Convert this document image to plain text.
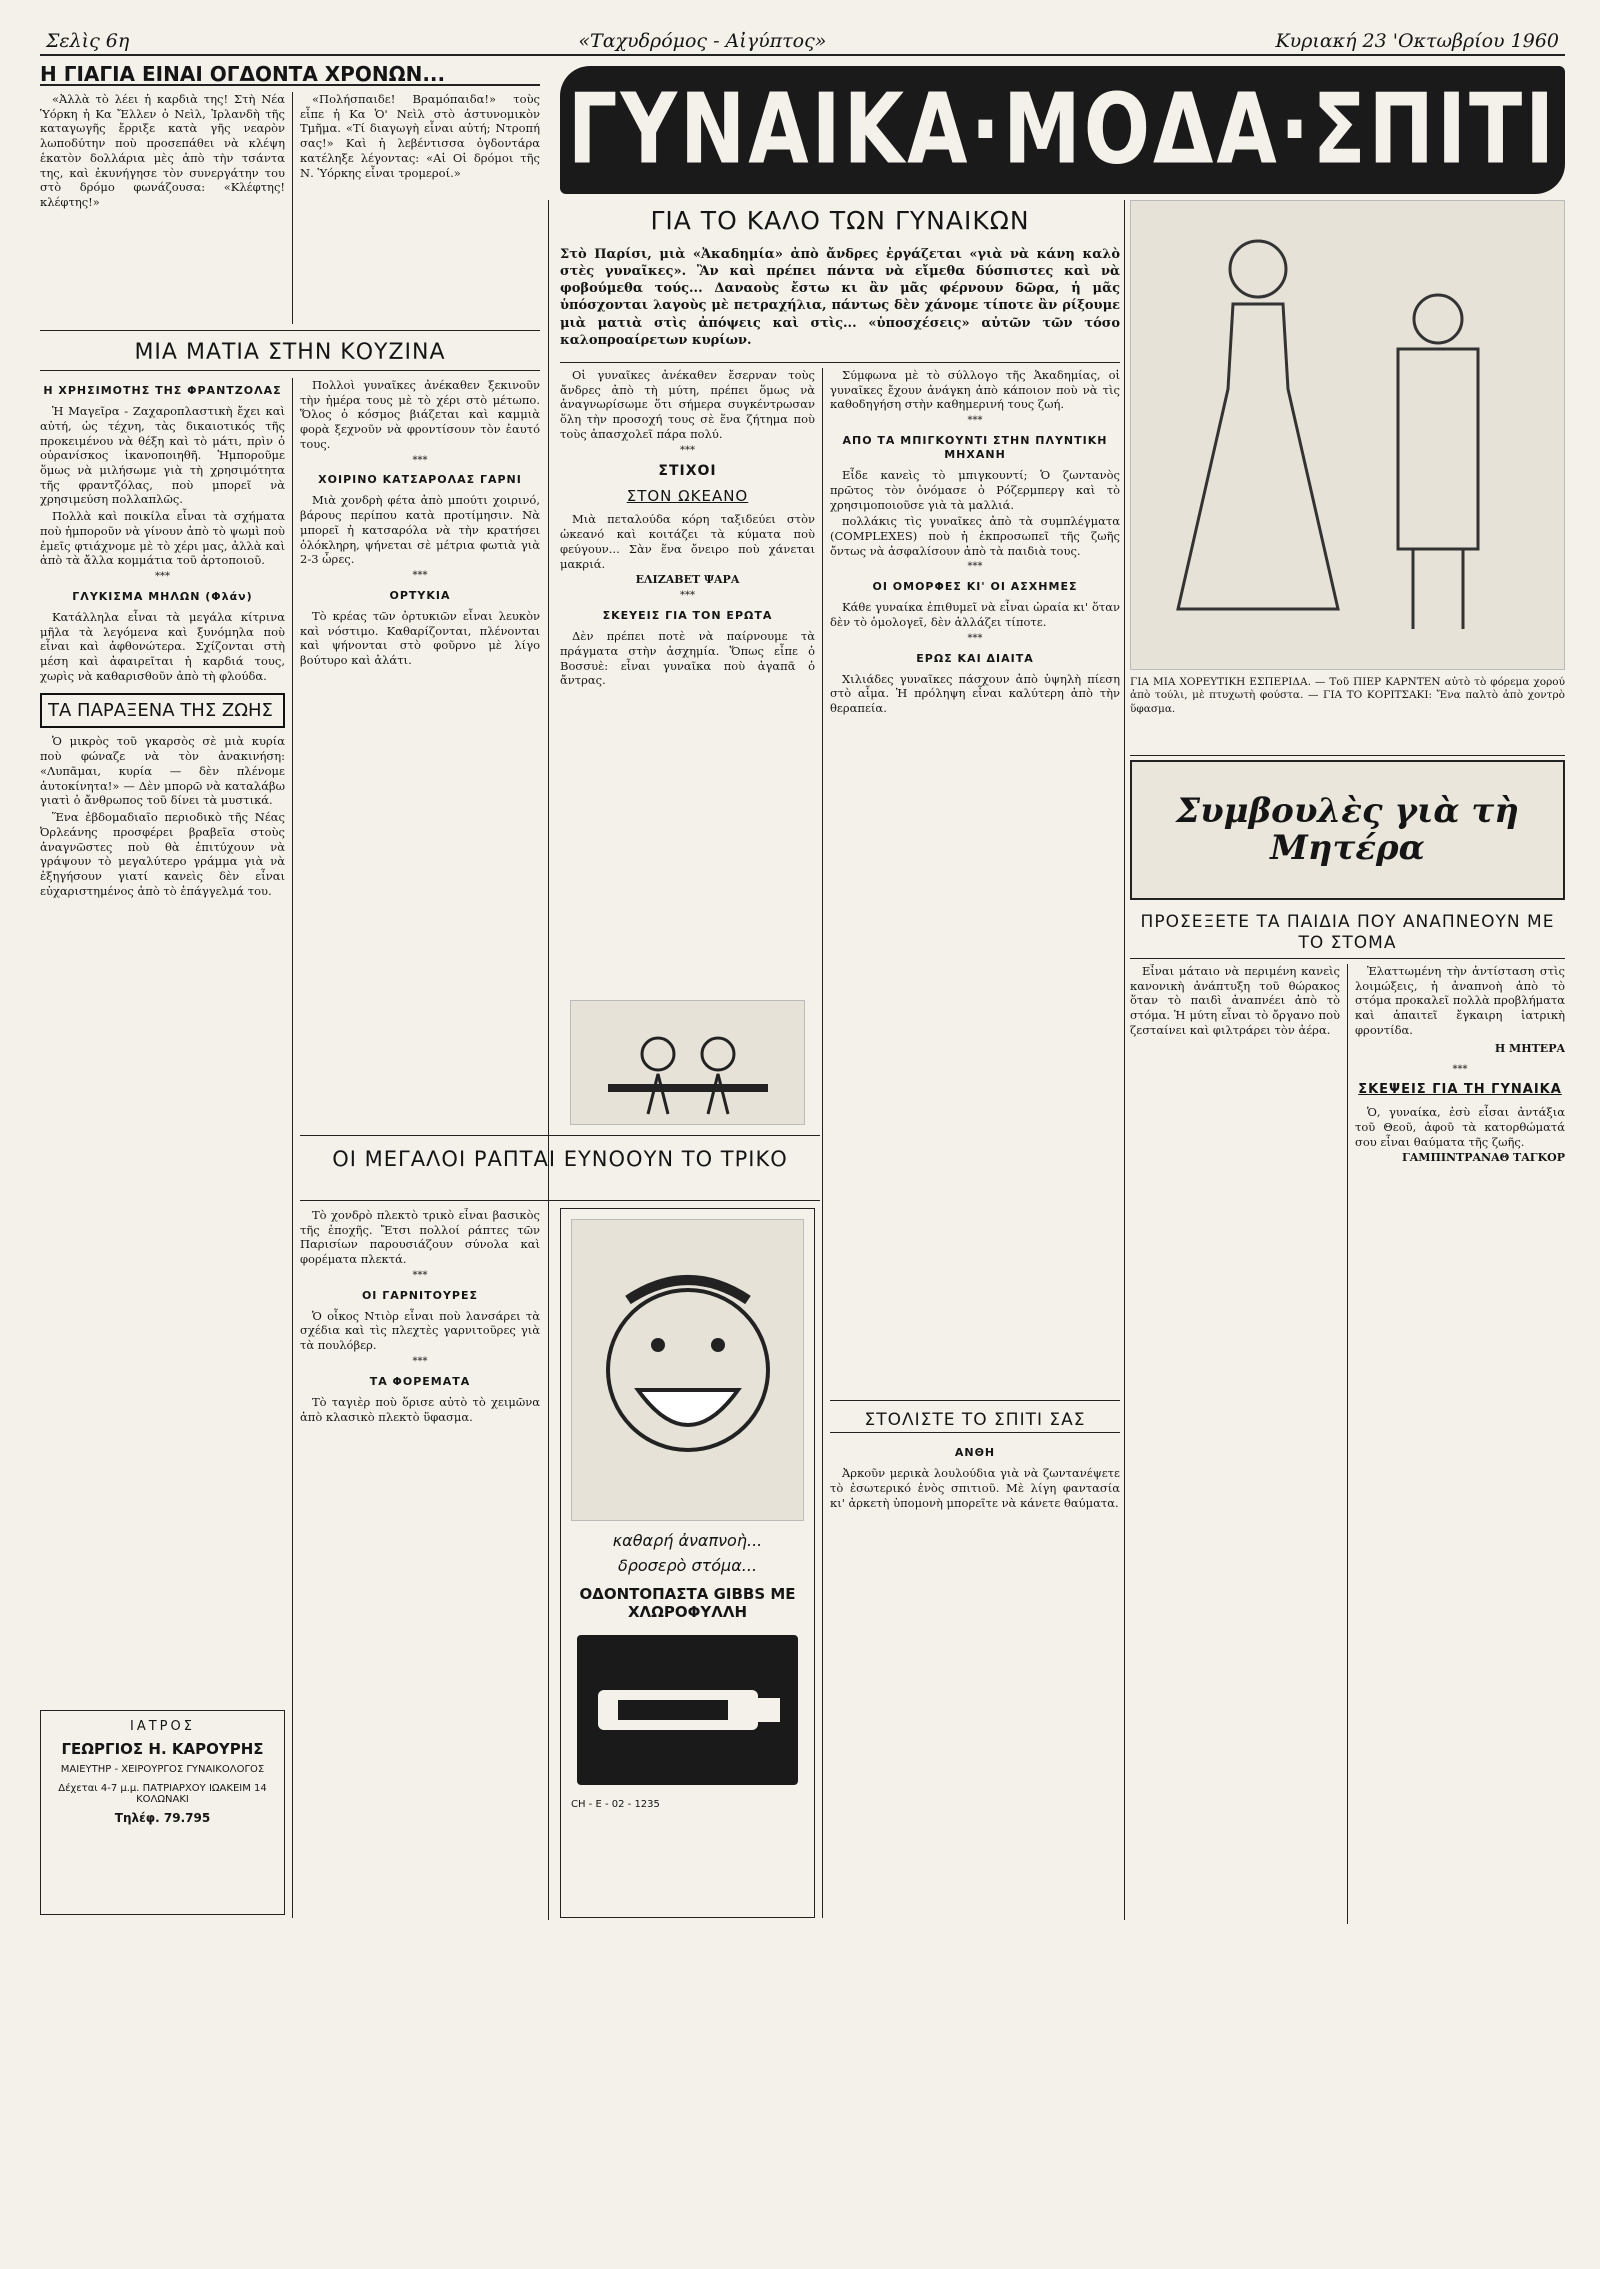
Σελὶς 6η	«Ταχυδρόμος - Αἰγύπτος»	Κυριακή 23 'Οκτωβρίου 1960
Η ΓΙΑΓΙΑ ΕΙΝΑΙ ΟΓΔΟΝΤΑ ΧΡΟΝΩΝ...

«Ἀλλὰ τὸ λέει ἡ καρδιὰ της! Στὴ Νέα Ὑόρκη ἡ Κα Ἔλλεν ὁ Νεὶλ, Ἰρλανδὴ τῆς καταγωγῆς ἔρριξε κατὰ γῆς νεαρὸν λωποδύτην ποὺ προσεπάθει νὰ κλέψη ἑκατὸν δολλάρια μὲς ἀπὸ τὴν τσάντα της, καὶ ἐκυνήγησε τὸν συνεργάτην του στὸ δρόμο φωνάζουσα: «Κλέφτης! κλέφτης!»

«Πολήσπαιδε! Βραμόπαιδα!» τοὺς εἶπε ἡ Κα Ὁ' Νεὶλ στὸ ἀστυνομικὸν Τμῆμα. «Τί διαγωγὴ εἶναι αὐτή; Ντροπή σας!» Καὶ ἡ λεβέντισσα ὀγδοντάρα κατέληξε λέγοντας: «Αἱ Οἱ δρόμοι τῆς Ν. Ὑόρκης εἶναι τρομεροί.»

ΜΙΑ ΜΑΤΙΑ ΣΤΗΝ ΚΟΥΖΙΝΑ
Η ΧΡΗΣΙΜΟΤΗΣ ΤΗΣ ΦΡΑΝΤΖΟΛΑΣ

Ἡ Μαγεῖρα - Ζαχαροπλαστικὴ ἔχει καὶ αὐτή, ὡς τέχνη, τὰς δικαιοτικός τῆς προκειμένου νὰ θέξη καὶ τὸ μάτι, πρὶν ὁ οὐρανίσκος ἱκανοποιηθῆ. Ἡμποροῦμε ὅμως νὰ μιλήσωμε γιὰ τὴ χρησιμότητα τῆς φραντζόλας, ποὺ μπορεῖ νὰ χρησιμεύση πολλαπλῶς.

Πολλὰ καὶ ποικίλα εἶναι τὰ σχήματα ποὺ ἠμποροῦν νὰ γίνουν ἀπὸ τὸ ψωμὶ ποὺ ἐμεῖς φτιάχνομε μὲ τὸ χέρι μας, ἀλλὰ καὶ ἀπὸ τὰ ἄλλα κομμάτια τοῦ ἀρτοποιοῦ.

***
ΓΛΥΚΙΣΜΑ ΜΗΛΩΝ (Φλάν)

Κατάλληλα εἶναι τὰ μεγάλα κίτρινα μῆλα τὰ λεγόμενα καὶ ξυνόμηλα ποὺ εἶναι καὶ ἀφθονώτερα. Σχίζονται στὴ μέση καὶ ἀφαιρεῖται ἡ καρδιά τους, χωρὶς νὰ καθαρισθοῦν ἀπὸ τὴ φλούδα.

ΤΑ ΠΑΡΑΞΕΝΑ ΤΗΣ ΖΩΗΣ

Ὁ μικρὸς τοῦ γκαρσὸς σὲ μιὰ κυρία ποὺ φώναζε νὰ τὸν ἀνακινήση: «Λυπᾶμαι, κυρία — δὲν πλένομε ἀυτοκίνητα!» — Δὲν μπορῶ νὰ καταλάβω γιατὶ ὁ ἄνθρωπος τοῦ δίνει τὰ μυστικά.

Ἕνα ἑβδομαδιαῖο περιοδικὸ τῆς Νέας Ὀρλεάνης προσφέρει βραβεῖα στοὺς ἀναγνῶστες ποὺ θὰ ἐπιτύχουν νὰ γράψουν τὸ μεγαλύτερο γράμμα γιὰ νὰ ἐξηγήσουν γιατί κανεὶς δὲν εἶναι εὐχαριστημένος ἀπὸ τὸ ἐπάγγελμά του.

ΙΑΤΡΟΣ
ΓΕΩΡΓΙΟΣ Η. ΚΑΡΟΥΡΗΣ
ΜΑΙΕΥΤΗΡ - ΧΕΙΡΟΥΡΓΟΣ ΓΥΝΑΙΚΟΛΟΓΟΣ
Δέχεται 4-7 μ.μ. ΠΑΤΡΙΑΡΧΟΥ ΙΩΑΚΕΙΜ 14 ΚΟΛΩΝΑΚΙ
Τηλέφ. 79.795

Πολλοὶ γυναῖκες ἀνέκαθεν ξεκινοῦν τὴν ἡμέρα τους μὲ τὸ χέρι στὸ μέτωπο. Ὅλος ὁ κόσμος βιάζεται καὶ καμμιὰ φορὰ ξεχνοῦν νὰ φροντίσουν τὸν ἑαυτό τους.

***
ΧΟΙΡΙΝΟ ΚΑΤΣΑΡΟΛΑΣ ΓΑΡΝΙ

Μιὰ χονδρὴ φέτα ἀπὸ μπούτι χοιρινό, βάρους περίπου κατὰ προτίμησιν. Νὰ μπορεῖ ἡ κατσαρόλα νὰ τὴν κρατήσει ὁλόκληρη, ψήνεται σὲ μέτρια φωτιὰ γιὰ 2-3 ὧρες.

***
ΟΡΤΥΚΙΑ

Τὸ κρέας τῶν ὀρτυκιῶν εἶναι λευκὸν καὶ νόστιμο. Καθαρίζονται, πλένονται καὶ ψήνονται στὸ φοῦρνο μὲ λίγο βούτυρο καὶ ἀλάτι.

ΟΙ ΜΕΓΑΛΟΙ ΡΑΠΤΑΙ ΕΥΝΟΟΥΝ ΤΟ ΤΡΙΚΟ

Τὸ χονδρὸ πλεκτὸ τρικὸ εἶναι βασικὸς τῆς ἐποχῆς. Ἔτσι πολλοί ράπτες τῶν Παρισίων παρουσιάζουν σύνολα καὶ φορέματα πλεκτά.

***
ΟΙ ΓΑΡΝΙΤΟΥΡΕΣ

Ὁ οἶκος Ντιὸρ εἶναι ποὺ λανσάρει τὰ σχέδια καὶ τὶς πλεχτὲς γαρνιτοῦρες γιὰ τὰ πουλόβερ.

***
ΤΑ ΦΟΡΕΜΑΤΑ

Τὸ ταγιὲρ ποὺ ὅρισε αὐτὸ τὸ χειμῶνα ἀπὸ κλασικὸ πλεκτὸ ὕφασμα.

ΓΥΝΑΙΚΑ·ΜΟΔΑ·ΣΠΙΤΙ
ΓΙΑ ΤΟ ΚΑΛΟ ΤΩΝ ΓΥΝΑΙΚΩΝ
Στὸ Παρίσι, μιὰ «Ἀκαδημία» ἀπὸ ἄνδρες ἐργάζεται «γιὰ νὰ κάνη καλὸ στὲς γυναῖκες». Ἂν καὶ πρέπει πάντα νὰ εἴμεθα δύσπιστες καὶ νὰ φοβούμεθα τούς... Δαναοὺς ἔστω κι ἂν μᾶς φέρνουν δῶρα, ἡ μᾶς ὑπόσχονται λαγοὺς μὲ πετραχήλια, πάντως δὲν χάνομε τίποτε ἂν ρίξουμε μιὰ ματιὰ στὶς ἀπόψεις καὶ στὶς... «ὑποσχέσεις» αὐτῶν τῶν τόσο καλοπροαίρετων κυρίων.

Οἱ γυναῖκες ἀνέκαθεν ἔσερναν τοὺς ἄνδρες ἀπὸ τὴ μύτη, πρέπει ὅμως νὰ ἀναγνωρίσωμε ὅτι σήμερα συγκέντρωσαν ὅλη τὴν προσοχή τους σὲ ἕνα ζήτημα ποὺ τοὺς ἀπασχολεῖ πάρα πολύ.

***
ΣΤΙΧΟΙ
ΣΤΟΝ ΩΚΕΑΝΟ

Μιὰ πεταλούδα κόρη ταξιδεύει στὸν ὠκεανό καὶ κοιτάζει τὰ κύματα ποὺ φεύγουν... Σὰν ἕνα ὄνειρο ποὺ χάνεται μακριά.

ΕΛΙΖΑΒΕΤ ΨΑΡΑ
***
ΣΚΕΥΕΙΣ ΓΙΑ ΤΟΝ ΕΡΩΤΑ

Δὲν πρέπει ποτὲ νὰ παίρνουμε τὰ πράγματα στὴν ἀσχημία. Ὅπως εἶπε ὁ Βοσσυὲ: εἶναι γυναῖκα ποὺ ἀγαπᾶ ὁ ἄντρας.

Σύμφωνα μὲ τὸ σύλλογο τῆς Ἀκαδημίας, οἱ γυναῖκες ἔχουν ἀνάγκη ἀπὸ κάποιον ποὺ νὰ τὶς καθοδηγήση στὴν καθημερινή τους ζωή.

***
ΑΠΟ ΤΑ ΜΠΙΓΚΟΥΝΤΙ ΣΤΗΝ ΠΛΥΝΤΙΚΗ ΜΗΧΑΝΗ

Εἶδε κανεὶς τὸ μπιγκουντί; Ὁ ζωντανὸς πρῶτος τὸν ὀνόμασε ὁ Ρόζερμπεργ καὶ τὸ χρησιμοποιοῦσε γιὰ τὰ μαλλιά.

πολλάκις τὶς γυναῖκες ἀπὸ τὰ συμπλέγματα (COMPLEXES) ποὺ ἡ ἐκπροσωπεῖ τῆς ζωῆς ὄντως νὰ ἀσφαλίσουν ἀπὸ τὰ παιδιὰ τους.

***
ΟΙ ΟΜΟΡΦΕΣ ΚΙ' ΟΙ ΑΣΧΗΜΕΣ

Κάθε γυναίκα ἐπιθυμεῖ νὰ εἶναι ὡραία κι' ὅταν δὲν τὸ ὁμολογεῖ, δὲν ἀλλάζει τίποτε.

***
ΕΡΩΣ ΚΑΙ ΔΙΑΙΤΑ

Χιλιάδες γυναῖκες πάσχουν ἀπὸ ὑψηλὴ πίεση στὸ αἷμα. Ἡ πρόληψη εἶναι καλύτερη ἀπὸ τὴν θεραπεία.

καθαρή ἀναπνοὴ...
δροσερὸ στόμα...
ΟΔΟΝΤΟΠΑΣΤΑ GIBBS ΜΕ ΧΛΩΡΟΦΥΛΛΗ
CH - E - 02 - 1235
ΣΤΟΛΙΣΤΕ ΤΟ ΣΠΙΤΙ ΣΑΣ
ΑΝΘΗ

Ἀρκοῦν μερικὰ λουλούδια γιὰ νὰ ζωντανέψετε τὸ ἐσωτερικό ἑνὸς σπιτιοῦ. Μὲ λίγη φαντασία κι' ἀρκετὴ ὑπομονὴ μπορεῖτε νὰ κάνετε θαύματα.

ΓΙΑ ΜΙΑ ΧΟΡΕΥΤΙΚΗ ΕΣΠΕΡΙΔΑ. — Τοῦ ΠΙΕΡ ΚΑΡΝΤΕΝ αὐτὸ τὸ φόρεμα χορού ἀπὸ τούλι, μὲ πτυχωτὴ φούστα. — ΓΙΑ ΤΟ ΚΟΡΙΤΣΑΚΙ: Ἔνα παλτὸ ἀπὸ χοντρὸ ὕφασμα.
Συμβουλὲς γιὰ τὴ Μητέρα
ΠΡΟΣΕΞΕΤΕ ΤΑ ΠΑΙΔΙΑ ΠΟΥ ΑΝΑΠΝΕΟΥΝ ΜΕ ΤΟ ΣΤΟΜΑ

Εἶναι μάταιο νὰ περιμένη κανεὶς κανονικὴ ἀνάπτυξη τοῦ θώρακος ὅταν τὸ παιδὶ ἀναπνέει ἀπὸ τὸ στόμα. Ἡ μύτη εἶναι τὸ ὄργανο ποὺ ζεσταίνει καὶ φιλτράρει τὸν ἀέρα.

Ἐλαττωμένη τὴν ἀντίσταση στὶς λοιμώξεις, ἡ ἀναπνοὴ ἀπὸ τὸ στόμα προκαλεῖ πολλὰ προβλήματα καὶ ἀπαιτεῖ ἔγκαιρη ἰατρικὴ φροντίδα.

Η ΜΗΤΕΡΑ
***
ΣΚΕΨΕΙΣ ΓΙΑ ΤΗ ΓΥΝΑΙΚΑ

Ὁ, γυναίκα, ἐσὺ εἶσαι ἀντάξια τοῦ Θεοῦ, ἀφοῦ τὰ κατορθώματά σου εἶναι θαύματα τῆς ζωῆς.

ΓΑΜΠΙΝΤΡΑΝΑΘ ΤΑΓΚΟΡ
